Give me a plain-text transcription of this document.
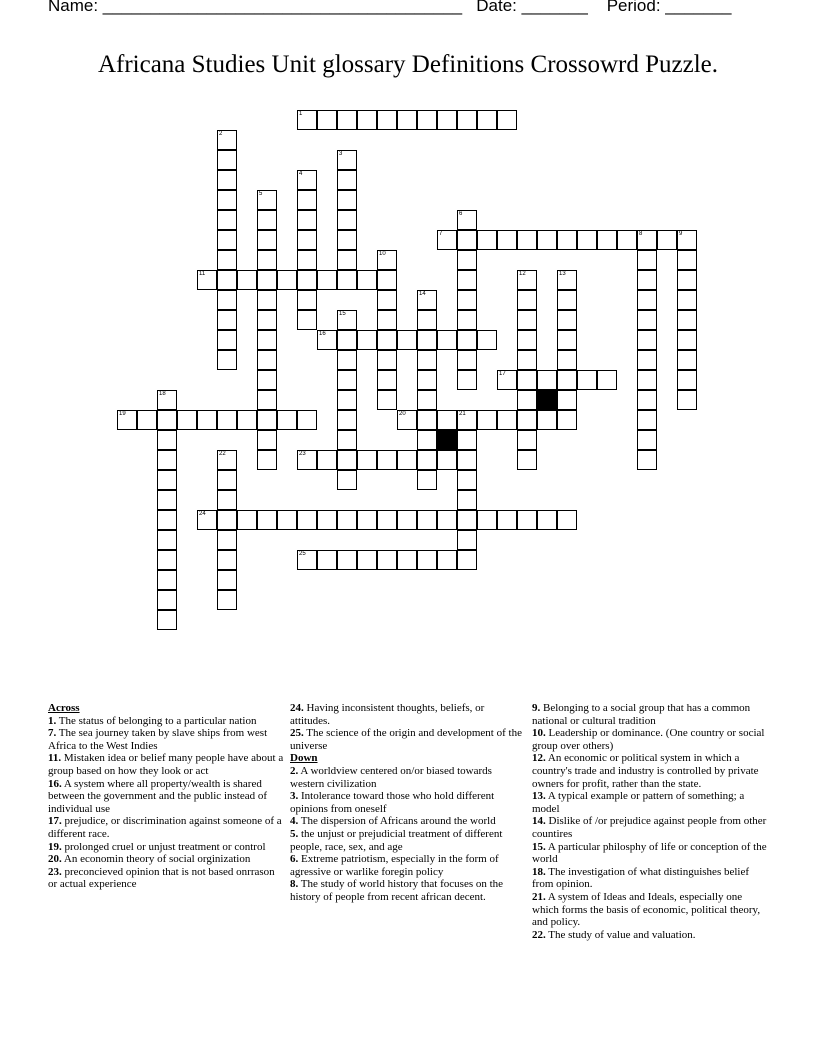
Name: ______________________________________ Date: _______ Period: _______
Africana Studies Unit glossary Definitions Crossowrd Puzzle.
1
2
3
4
5
6
7	8	9
10
11	12	13
14
15
16
17
18
19	20	21
22	23
24
25
Across
1. The status of belonging to a particular nation
7. The sea journey taken by slave ships from west Africa to the West Indies
11. Mistaken idea or belief many people have about a group based on how they look or act
16. A system where all property/wealth is shared between the government and the public instead of individual use
17. prejudice, or discrimination against someone of a different race.
19. prolonged cruel or unjust treatment or control
20. An economin theory of social orginization
23. preconcieved opinion that is not based onrrason or actual experience
24. Having inconsistent thoughts, beliefs, or attitudes.
25. The science of the origin and development of the universe
Down
2. A worldview centered on/or biased towards western civilization
3. Intolerance toward those who hold different opinions from oneself
4. The dispersion of Africans around the world
5. the unjust or prejudicial treatment of different people, race, sex, and age
6. Extreme patriotism, especially in the form of agressive or warlike foregin policy
8. The study of world history that focuses on the history of people from recent african decent.
9. Belonging to a social group that has a common national or cultural tradition
10. Leadership or dominance. (One country or social group over others)
12. An economic or political system in which a country's trade and industry is controlled by private owners for profit, rather than the state.
13. A typical example or pattern of something; a model
14. Dislike of /or prejudice against people from other countires
15. A particular philosphy of life or conception of the world
18. The investigation of what distinguishes belief from opinion.
21. A system of Ideas and Ideals, especially one which forms the basis of economic, political theory, and policy.
22. The study of value and valuation.
